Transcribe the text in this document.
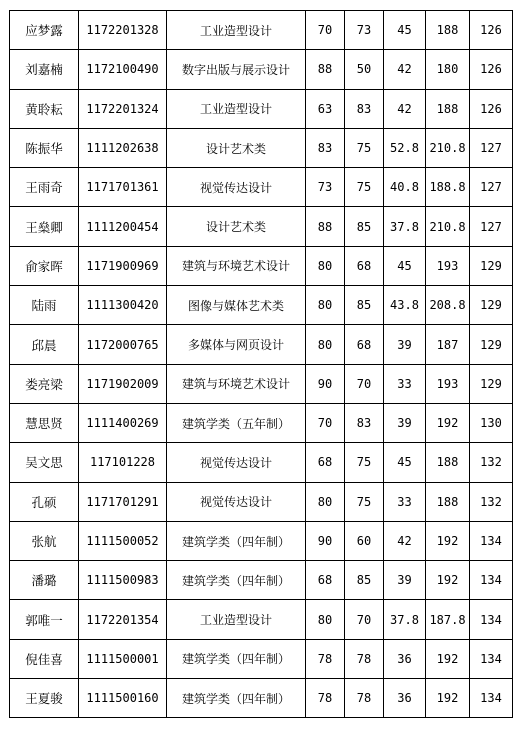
应梦露	1172201328	工业造型设计	70	73	45	188	126
刘嘉楠	1172100490	数字出版与展示设计	88	50	42	180	126
黄聆耘	1172201324	工业造型设计	63	83	42	188	126
陈振华	1111202638	设计艺术类	83	75	52.8	210.8	127
王雨奇	1171701361	视觉传达设计	73	75	40.8	188.8	127
王燊卿	1111200454	设计艺术类	88	85	37.8	210.8	127
俞家晖	1171900969	建筑与环境艺术设计	80	68	45	193	129
陆雨	1111300420	图像与媒体艺术类	80	85	43.8	208.8	129
邱晨	1172000765	多媒体与网页设计	80	68	39	187	129
娄亮梁	1171902009	建筑与环境艺术设计	90	70	33	193	129
慧思贤	1111400269	建筑学类（五年制）	70	83	39	192	130
吴文思	117101228	视觉传达设计	68	75	45	188	132
孔硕	1171701291	视觉传达设计	80	75	33	188	132
张航	1111500052	建筑学类（四年制）	90	60	42	192	134
潘璐	1111500983	建筑学类（四年制）	68	85	39	192	134
郭唯一	1172201354	工业造型设计	80	70	37.8	187.8	134
倪佳喜	1111500001	建筑学类（四年制）	78	78	36	192	134
王夏骏	1111500160	建筑学类（四年制）	78	78	36	192	134
